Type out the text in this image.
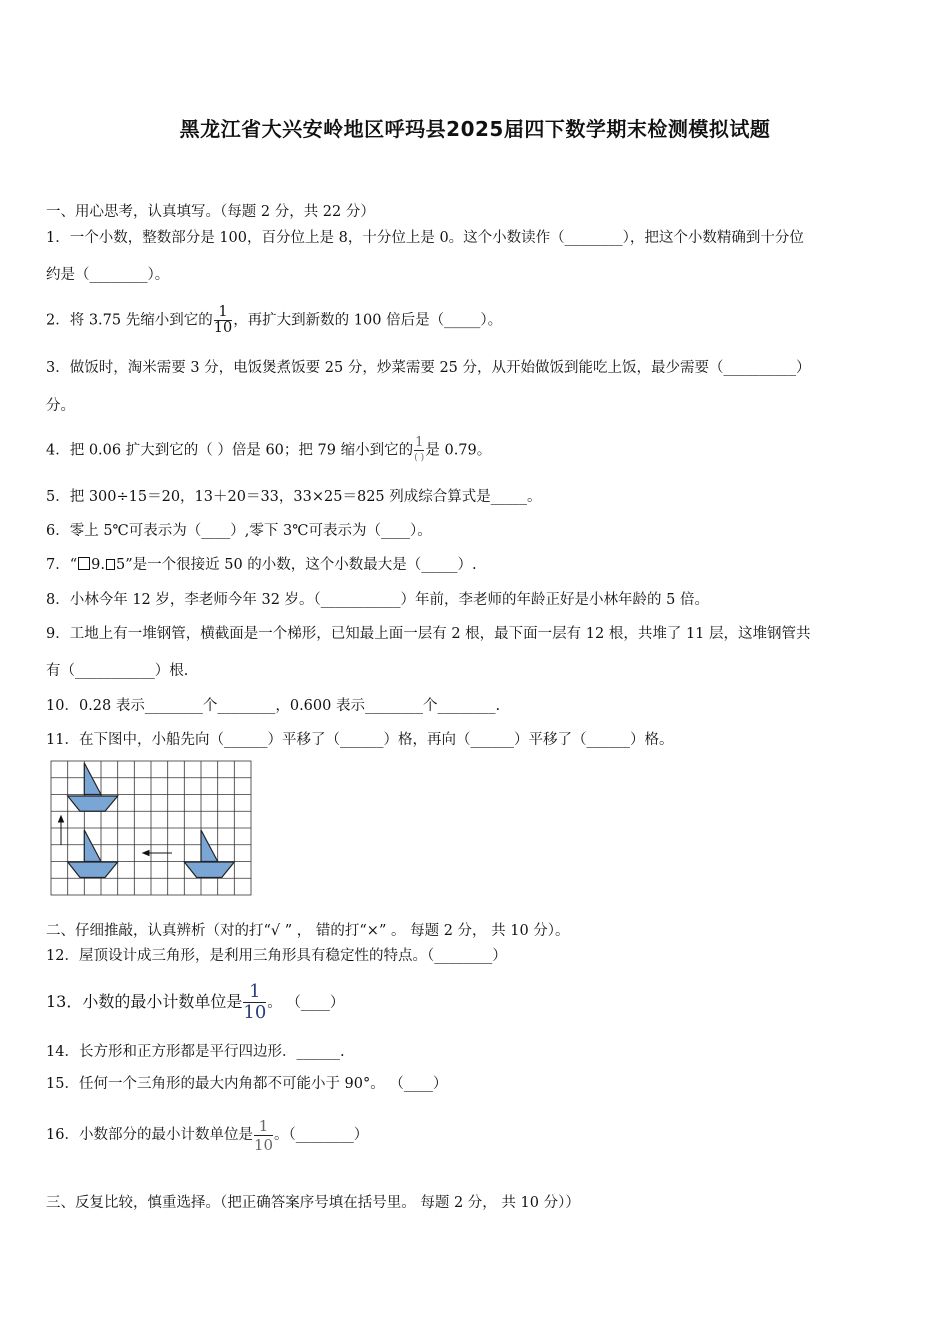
黑龙江省大兴安岭地区呼玛县2025届四下数学期末检测模拟试题
一、用心思考，认真填写。（每题 2 分，共 22 分）
1．一个小数，整数部分是 100，百分位上是 8，十分位上是 0。这个小数读作（________），把这个小数精确到十分位
约是（________）。
2．将 3.75 先缩小到它的 $\frac{1}{10}$ ，再扩大到新数的 100 倍后是（_____）。
3．做饭时，淘米需要 3 分，电饭煲煮饭要 25 分，炒菜需要 25 分，从开始做饭到能吃上饭，最少需要（__________）
分。
4．把 0.06 扩大到它的（ ）倍是 60；把 79 缩小到它的 $\frac{1}{( )}$ 是 0.79。
5．把 300÷15＝20，13＋20＝33，33×25＝825 列成综合算式是_____。
6．零上 5℃可表示为（____）,零下 3℃可表示为（____）。
7．“ 9. 5”是一个很接近 50 的小数，这个小数最大是（_____）.
8．小林今年 12 岁，李老师今年 32 岁。（___________）年前，李老师的年龄正好是小林年龄的 5 倍。
9．工地上有一堆钢管，横截面是一个梯形，已知最上面一层有 2 根，最下面一层有 12 根，共堆了 11 层，这堆钢管共
有（___________）根.
10．0.28 表示________个________，0.600 表示________个________.
11．在下图中，小船先向（______）平移了（______）格，再向（______）平移了（______）格。
二、仔细推敲，认真辨析（对的打“√ ” ， 错的打“×” 。 每题 2 分， 共 10 分）。
12．屋顶设计成三角形，是利用三角形具有稳定性的特点。（________）
13．小数的最小计数单位是 $\frac{1}{10}$ 。 （____）
14．长方形和正方形都是平行四边形．______.
15．任何一个三角形的最大内角都不可能小于 90°。 （____）
16．小数部分的最小计数单位是 $\frac{1}{10}$ 。（________）
三、反复比较，慎重选择。（把正确答案序号填在括号里。 每题 2 分， 共 10 分））
